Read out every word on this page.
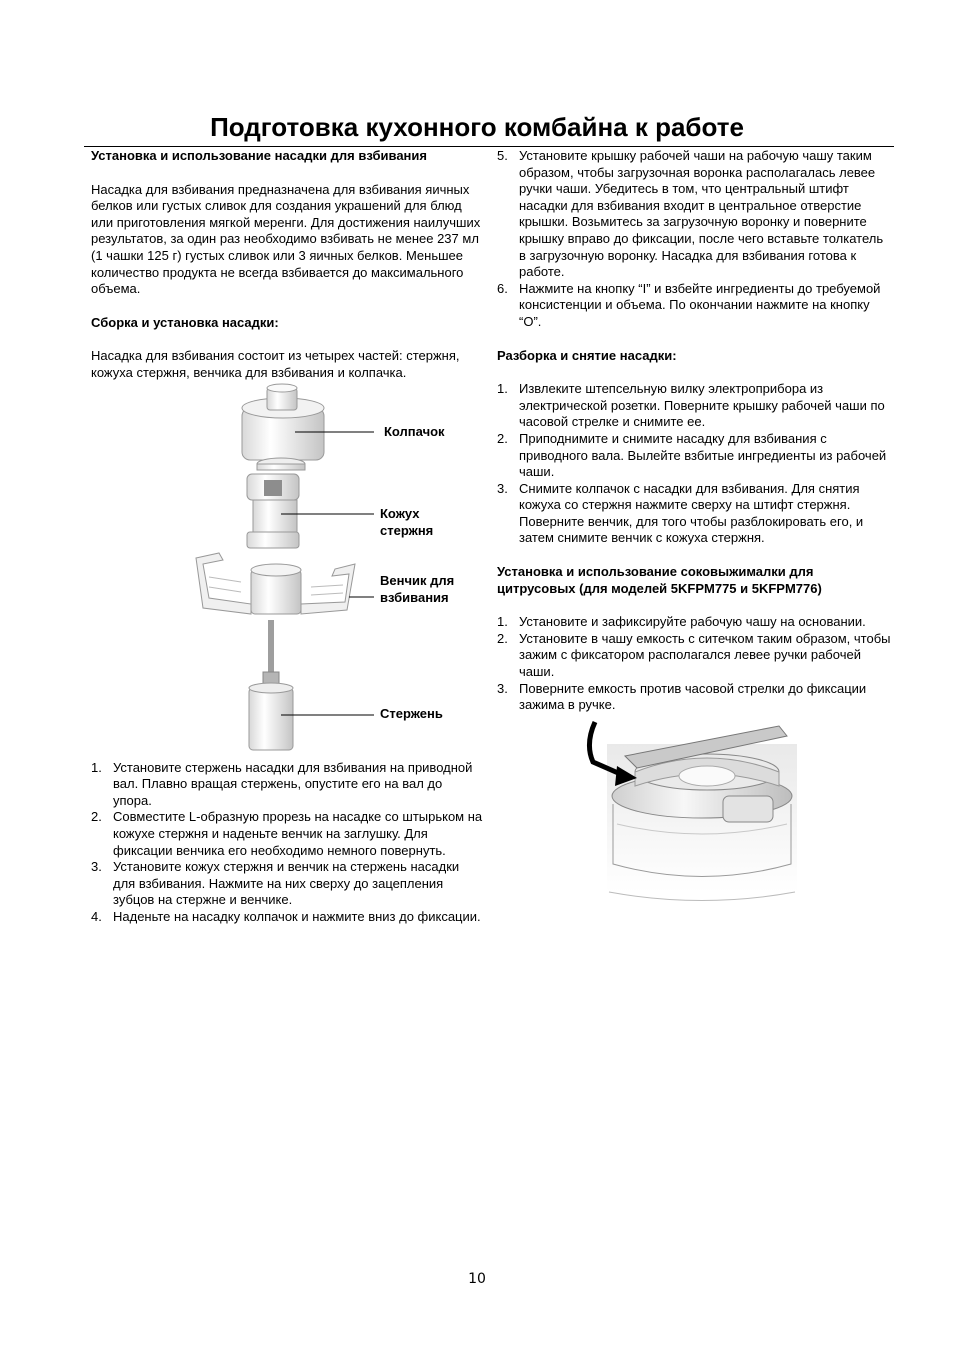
Подготовка кухонного комбайна к работе

Установка и использование насадки для взбивания

Насадка для взбивания предназначена для взбивания яичных белков или густых сливок для создания украшений для блюд или приготовления мягкой меренги. Для достижения наилучших результатов, за один раз необходимо взбивать не менее 237 мл (1 чашки 125 г) густых сливок или 3 яичных белков. Меньшее количество продукта не всегда взбивается до максимального объема.

Сборка и установка насадки:

Насадка для взбивания состоит из четырех частей: стержня, кожуха стержня, венчика для взбивания и колпачка.

Колпачок
Кожух
стержня
Венчик для
взбивания
Стержень
1. Установите стержень насадки для взбивания на приводной вал. Плавно вращая стержень, опустите его на вал до упора.
2. Совместите L-образную прорезь на насадке со штырьком на кожухе стержня и наденьте венчик на заглушку. Для фиксации венчика его необходимо немного повернуть.
3. Установите кожух стержня и венчик на стержень насадки для взбивания. Нажмите на них сверху до зацепления зубцов на стержне и венчике.
4. Наденьте на насадку колпачок и нажмите вниз до фиксации.
5. Установите крышку рабочей чаши на рабочую чашу таким образом, чтобы загрузочная воронка располагалась левее ручки чаши. Убедитесь в том, что центральный штифт насадки для взбивания входит в центральное отверстие крышки. Возьмитесь за загрузочную воронку и поверните крышку вправо до фиксации, после чего вставьте толкатель в загрузочную воронку. Насадка для взбивания готова к работе.
6. Нажмите на кнопку “I” и взбейте ингредиенты до требуемой консистенции и объема. По окончании нажмите на кнопку “O”.

Разборка и снятие насадки:

1. Извлеките штепсельную вилку электроприбора из электрической розетки. Поверните крышку рабочей чаши по часовой стрелке и снимите ее.
2. Приподнимите и снимите насадку для взбивания с приводного вала. Вылейте взбитые ингредиенты из рабочей чаши.
3. Снимите колпачок с насадки для взбивания. Для снятия кожуха со стержня нажмите сверху на штифт стержня. Поверните венчик, для того чтобы разблокировать его, и затем снимите венчик с кожуха стержня.

Установка и использование соковыжималки для цитрусовых (для моделей 5KFPM775 и 5KFPM776)

1. Установите и зафиксируйте рабочую чашу на основании.
2. Установите в чашу емкость с ситечком таким образом, чтобы зажим с фиксатором располагался левее ручки рабочей чаши.
3. Поверните емкость против часовой стрелки до фиксации зажима в ручке.
10
